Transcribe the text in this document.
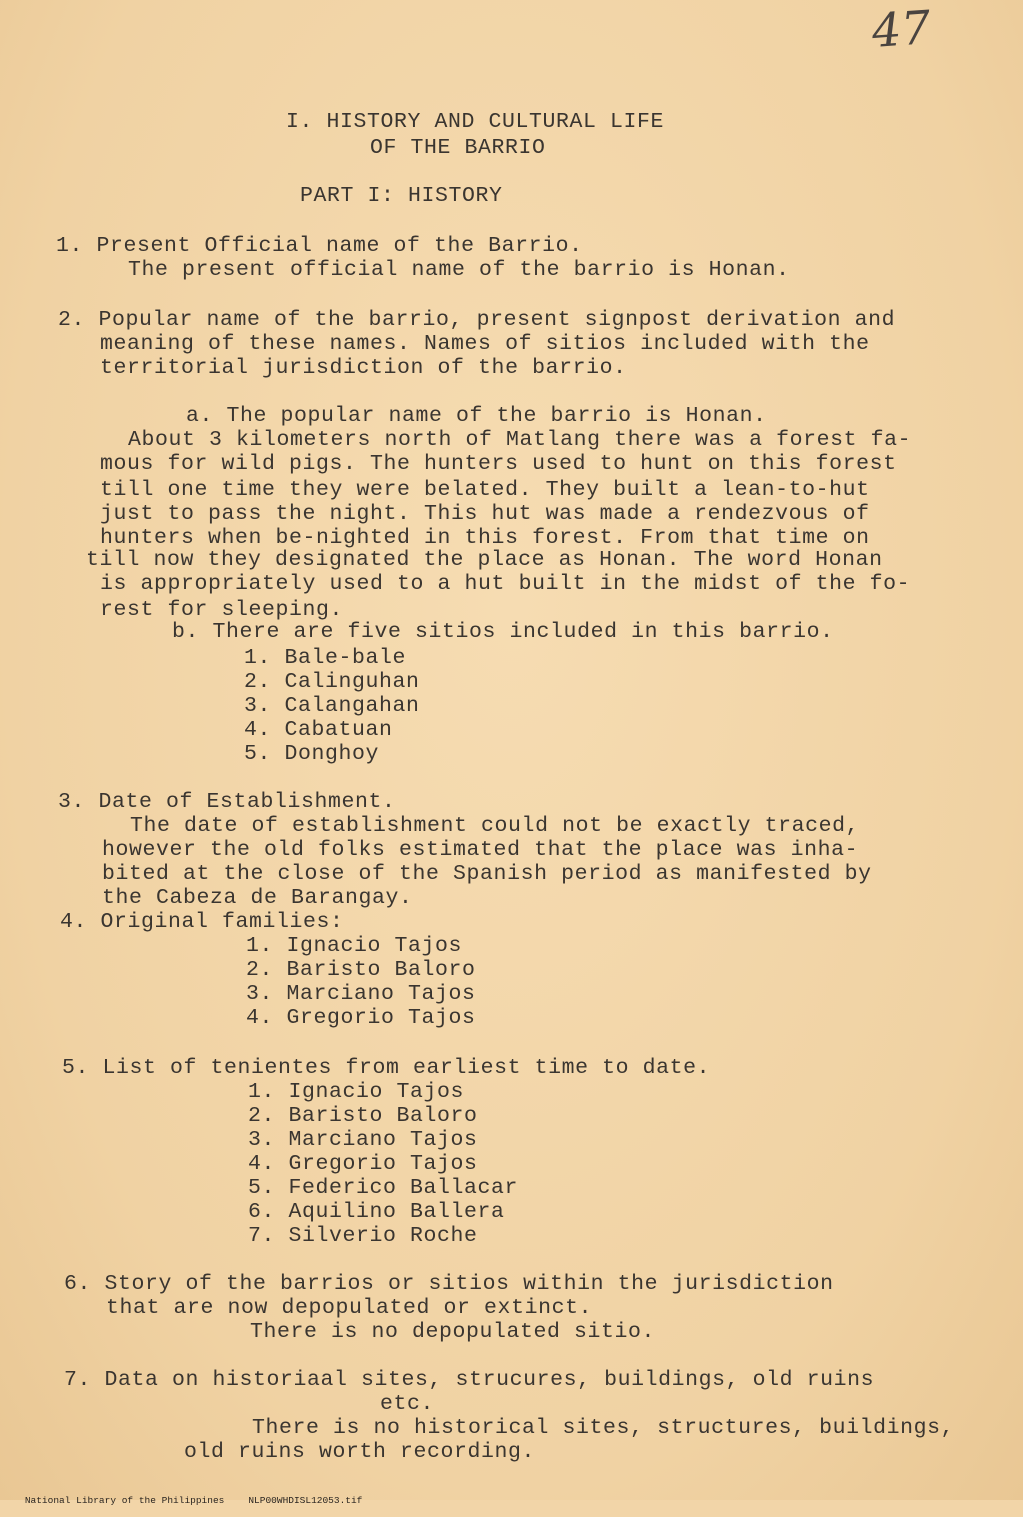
47
I. HISTORY AND CULTURAL LIFE
OF THE BARRIO
PART I: HISTORY
1. Present Official name of the Barrio.
The present official name of the barrio is Honan.
2. Popular name of the barrio, present signpost derivation and
meaning of these names. Names of sitios included with the
territorial jurisdiction of the barrio.
a. The popular name of the barrio is Honan.
About 3 kilometers north of Matlang there was a forest fa-
mous for wild pigs. The hunters used to hunt on this forest
till one time they were belated. They built a lean-to-hut
just to pass the night. This hut was made a rendezvous of
hunters when be-nighted in this forest. From that time on
till now they designated the place as Honan. The word Honan
is appropriately used to a hut built in the midst of the fo-
rest for sleeping.
b. There are five sitios included in this barrio.
1. Bale-bale
2. Calinguhan
3. Calangahan
4. Cabatuan
5. Donghoy
3. Date of Establishment.
The date of establishment could not be exactly traced,
however the old folks estimated that the place was inha-
bited at the close of the Spanish period as manifested by
the Cabeza de Barangay.
4. Original families:
1. Ignacio Tajos
2. Baristo Baloro
3. Marciano Tajos
4. Gregorio Tajos
5. List of tenientes from earliest time to date.
1. Ignacio Tajos
2. Baristo Baloro
3. Marciano Tajos
4. Gregorio Tajos
5. Federico Ballacar
6. Aquilino Ballera
7. Silverio Roche
6. Story of the barrios or sitios within the jurisdiction
that are now depopulated or extinct.
There is no depopulated sitio.
7. Data on historiaal sites, strucures, buildings, old ruins
etc.
There is no historical sites, structures, buildings,
old ruins worth recording.

National Library of the Philippines	NLP00WHDISL12053.tif
